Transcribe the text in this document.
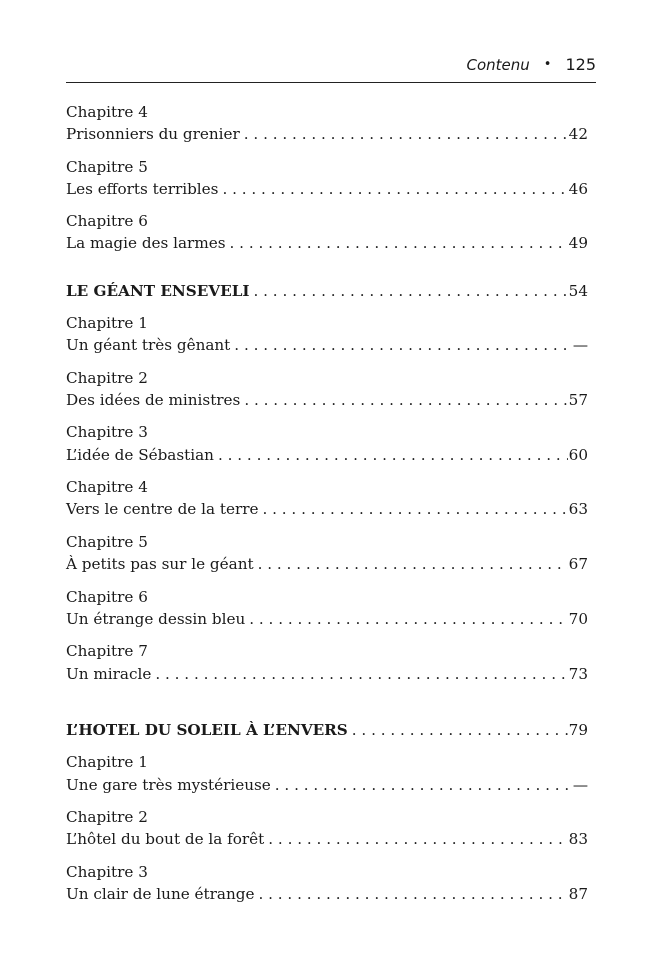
Contenu • 125
Chapitre 4
Prisonniers du grenier . . .	42
Chapitre 5
Les efforts terribles . . .	46
Chapitre 6
La magie des larmes . . .	49
LE GÉANT ENSEVELI . . .	54
Chapitre 1
Un géant très gênant . . .	—
Chapitre 2
Des idées de ministres . . .	57
Chapitre 3
L’idée de Sébastian . . .	60
Chapitre 4
Vers le centre de la terre . . .	63
Chapitre 5
À petits pas sur le géant . . .	67
Chapitre 6
Un étrange dessin bleu . . .	70
Chapitre 7
Un miracle . . .	73
L’HOTEL DU SOLEIL À L’ENVERS . . .	79
Chapitre 1
Une gare très mystérieuse . . .	—
Chapitre 2
L’hôtel du bout de la forêt . . .	83
Chapitre 3
Un clair de lune étrange . . .	87
